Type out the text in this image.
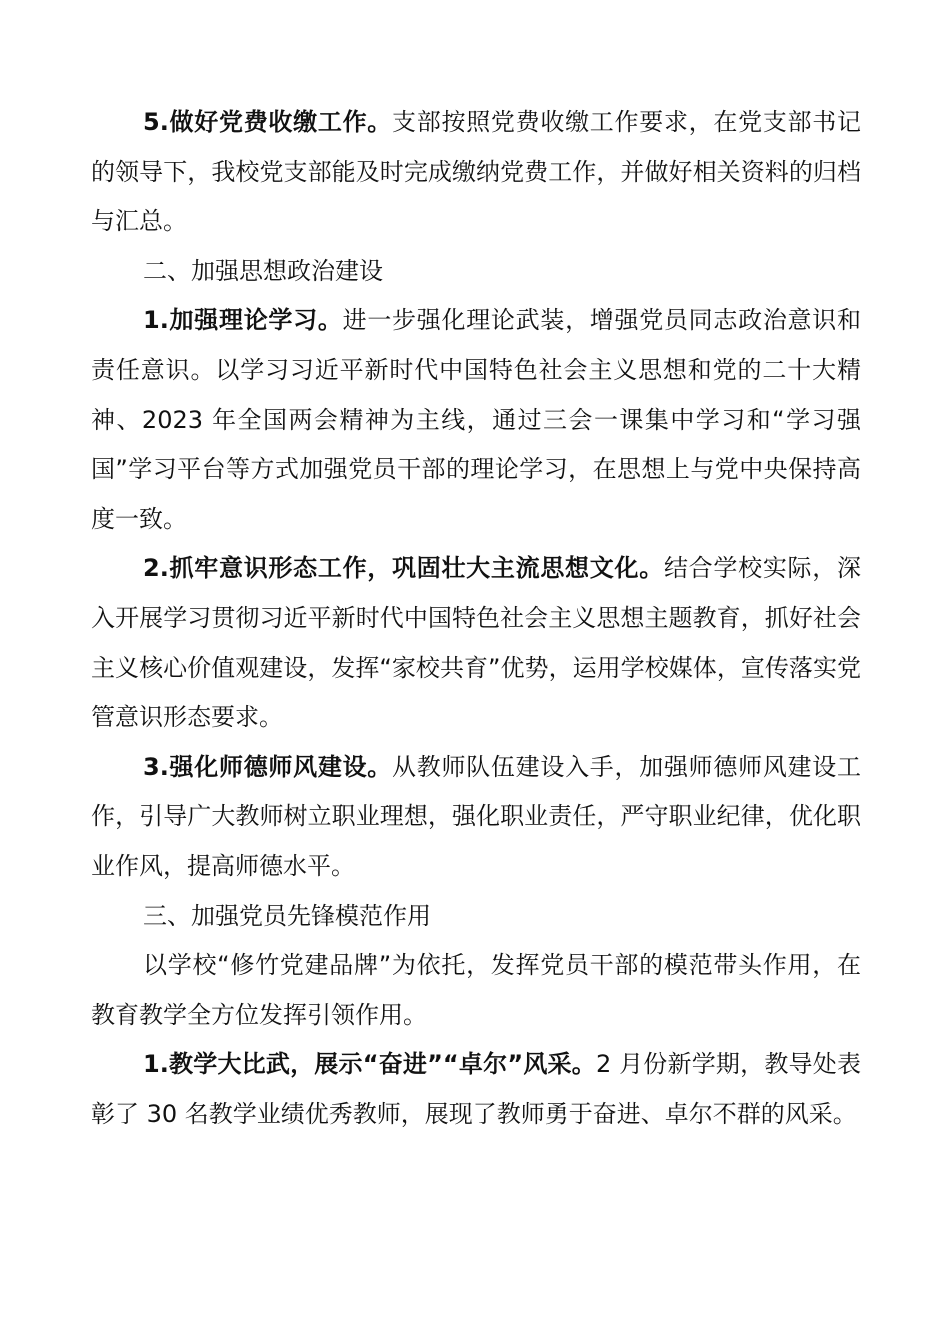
5.做好党费收缴工作。支部按照党费收缴工作要求，在党支部书记的领导下，我校党支部能及时完成缴纳党费工作，并做好相关资料的归档与汇总。

二、加强思想政治建设

1.加强理论学习。进一步强化理论武装，增强党员同志政治意识和责任意识。以学习习近平新时代中国特色社会主义思想和党的二十大精神、2023 年全国两会精神为主线，通过三会一课集中学习和“学习强国”学习平台等方式加强党员干部的理论学习，在思想上与党中央保持高度一致。

2.抓牢意识形态工作，巩固壮大主流思想文化。结合学校实际，深入开展学习贯彻习近平新时代中国特色社会主义思想主题教育，抓好社会主义核心价值观建设，发挥“家校共育”优势，运用学校媒体，宣传落实党管意识形态要求。

3.强化师德师风建设。从教师队伍建设入手，加强师德师风建设工作，引导广大教师树立职业理想，强化职业责任，严守职业纪律，优化职业作风，提高师德水平。

三、加强党员先锋模范作用

以学校“修竹党建品牌”为依托，发挥党员干部的模范带头作用，在教育教学全方位发挥引领作用。

1.教学大比武，展示“奋进”“卓尔”风采。2 月份新学期，教导处表彰了 30 名教学业绩优秀教师，展现了教师勇于奋进、卓尔不群的风采。
